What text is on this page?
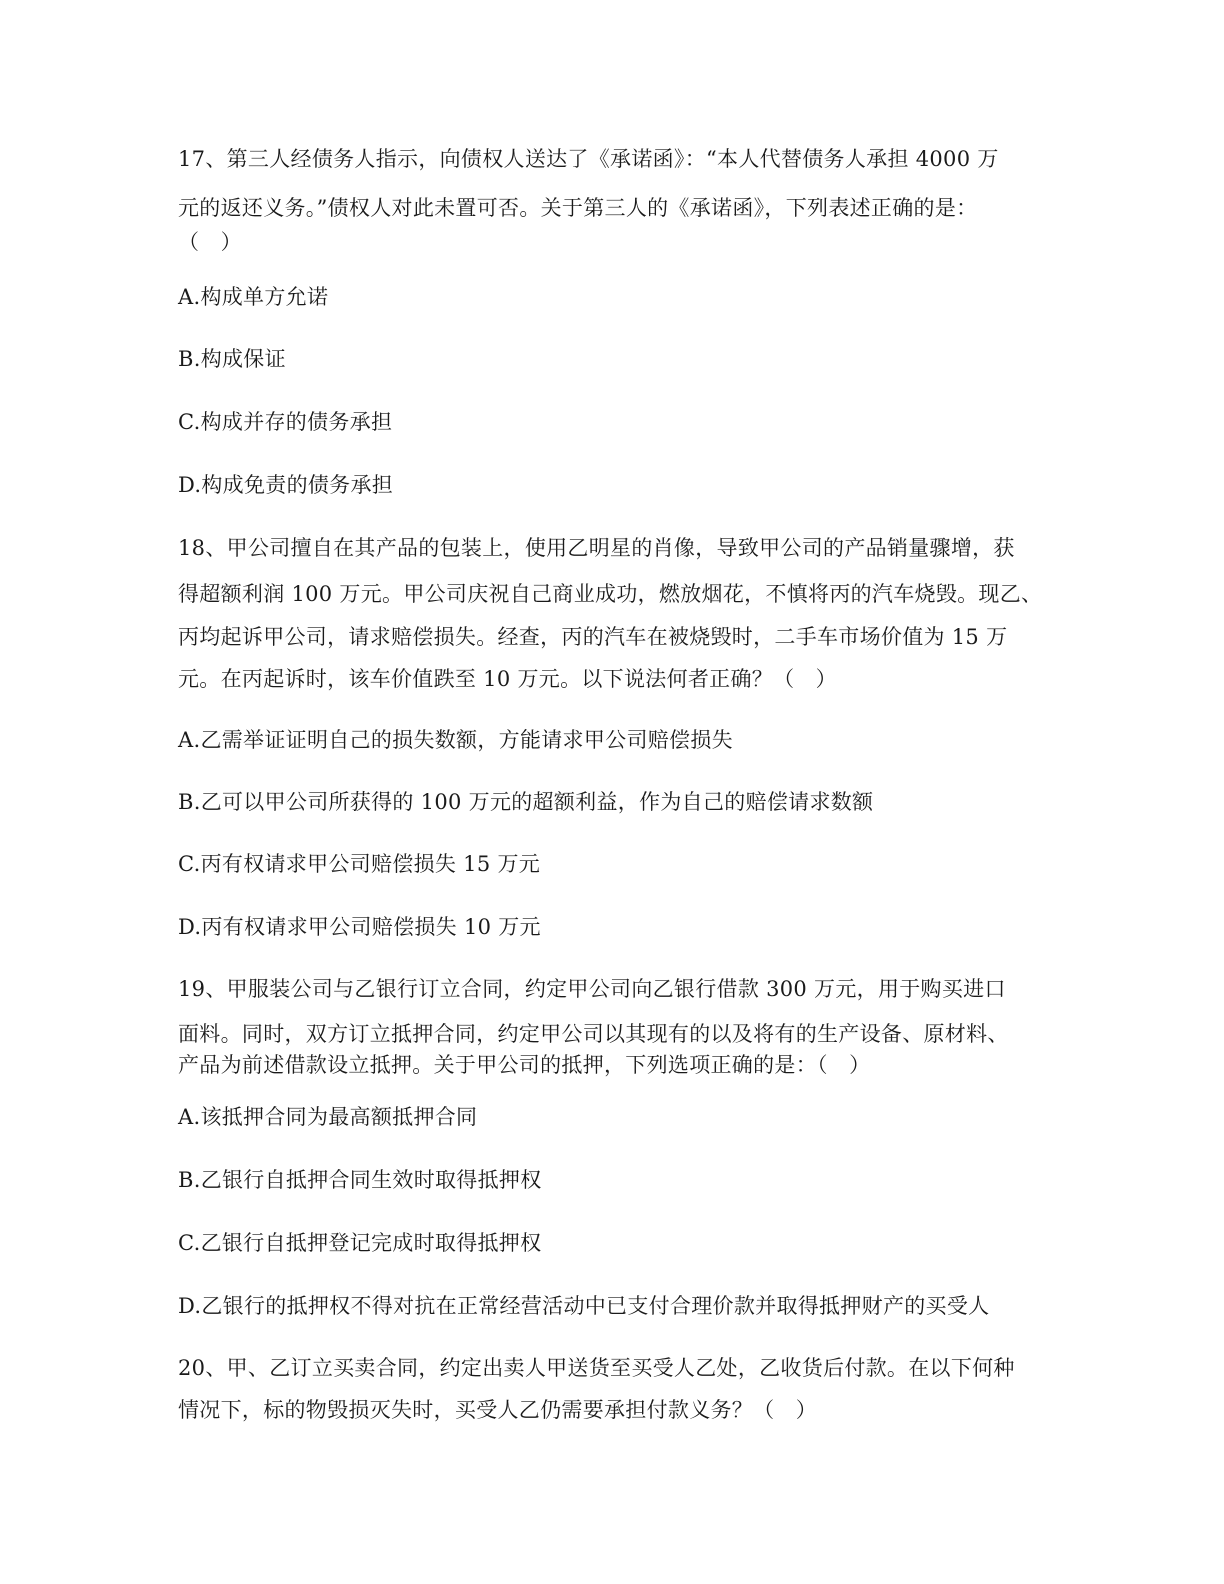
17、第三人经债务人指示，向债权人送达了《承诺函》：“本人代替债务人承担 4000 万
元的返还义务。”债权人对此未置可否。关于第三人的《承诺函》，下列表述正确的是：
（　）
A.构成单方允诺
B.构成保证
C.构成并存的债务承担
D.构成免责的债务承担
18、甲公司擅自在其产品的包装上，使用乙明星的肖像，导致甲公司的产品销量骤增，获
得超额利润 100 万元。甲公司庆祝自己商业成功，燃放烟花，不慎将丙的汽车烧毁。现乙、
丙均起诉甲公司，请求赔偿损失。经查，丙的汽车在被烧毁时，二手车市场价值为 15 万
元。在丙起诉时，该车价值跌至 10 万元。以下说法何者正确？（　）
A.乙需举证证明自己的损失数额，方能请求甲公司赔偿损失
B.乙可以甲公司所获得的 100 万元的超额利益，作为自己的赔偿请求数额
C.丙有权请求甲公司赔偿损失 15 万元
D.丙有权请求甲公司赔偿损失 10 万元
19、甲服装公司与乙银行订立合同，约定甲公司向乙银行借款 300 万元，用于购买进口
面料。同时，双方订立抵押合同，约定甲公司以其现有的以及将有的生产设备、原材料、
产品为前述借款设立抵押。关于甲公司的抵押，下列选项正确的是：（　）
A.该抵押合同为最高额抵押合同
B.乙银行自抵押合同生效时取得抵押权
C.乙银行自抵押登记完成时取得抵押权
D.乙银行的抵押权不得对抗在正常经营活动中已支付合理价款并取得抵押财产的买受人
20、甲、乙订立买卖合同，约定出卖人甲送货至买受人乙处，乙收货后付款。在以下何种
情况下，标的物毁损灭失时，买受人乙仍需要承担付款义务？（　）
